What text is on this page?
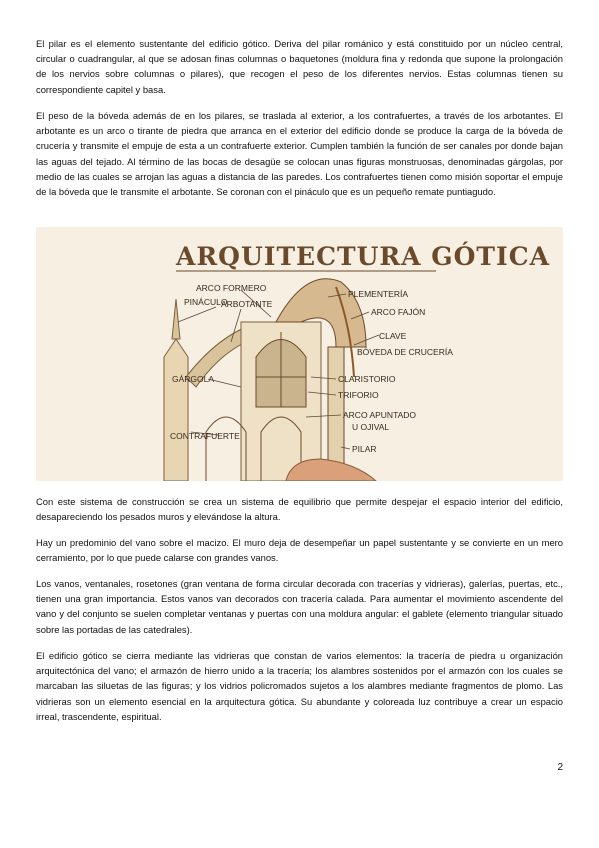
El pilar es el elemento sustentante del edificio gótico. Deriva del pilar románico y está constituido por un núcleo central, circular o cuadrangular, al que se adosan finas columnas o baquetones (moldura fina y redonda que supone la prolongación de los nervios sobre columnas o pilares), que recogen el peso de los diferentes nervios. Estas columnas tienen su correspondiente capitel y basa.

El peso de la bóveda además de en los pilares, se traslada al exterior, a los contrafuertes, a través de los arbotantes. El arbotante es un arco o tirante de piedra que arranca en el exterior del edificio donde se produce la carga de la bóveda de crucería y transmite el empuje de esta a un contrafuerte exterior. Cumplen también la función de ser canales por donde bajan las aguas del tejado. Al término de las bocas de desagüe se colocan unas figuras monstruosas, denominadas gárgolas, por medio de las cuales se arrojan las aguas a distancia de las paredes. Los contrafuertes tienen como misión soportar el empuje de la bóveda que le transmite el arbotante. Se coronan con el pináculo que es un pequeño remate puntiagudo.

ARQUITECTURA GÓTICA
ARCO FORMERO
PINÁCULO
ARBOTANTE
PLEMENTERÍA
ARCO FAJÓN
CLAVE
BÓVEDA DE CRUCERÍA
GÁRGOLA	CLARISTORIO
TRIFORIO
ARCO APUNTADO
U OJIVAL
CONTRAFUERTE
PILAR

Con este sistema de construcción se crea un sistema de equilibrio que permite despejar el espacio interior del edificio, desapareciendo los pesados muros y elevándose la altura.

Hay un predominio del vano sobre el macizo. El muro deja de desempeñar un papel sustentante y se convierte en un mero cerramiento, por lo que puede calarse con grandes vanos.

Los vanos, ventanales, rosetones (gran ventana de forma circular decorada con tracerías y vidrieras), galerías, puertas, etc., tienen una gran importancia. Estos vanos van decorados con tracería calada. Para aumentar el movimiento ascendente del vano y del conjunto se suelen completar ventanas y puertas con una moldura angular: el gablete (elemento triangular situado sobre las portadas de las catedrales).

El edificio gótico se cierra mediante las vidrieras que constan de varios elementos: la tracería de piedra u organización arquitectónica del vano; el armazón de hierro unido a la tracería; los alambres sostenidos por el armazón con los cuales se marcaban las siluetas de las figuras; y los vidrios policromados sujetos a los alambres mediante fragmentos de plomo. Las vidrieras son un elemento esencial en la arquitectura gótica. Su abundante y coloreada luz contribuye a crear un espacio irreal, trascendente, espiritual.

2
